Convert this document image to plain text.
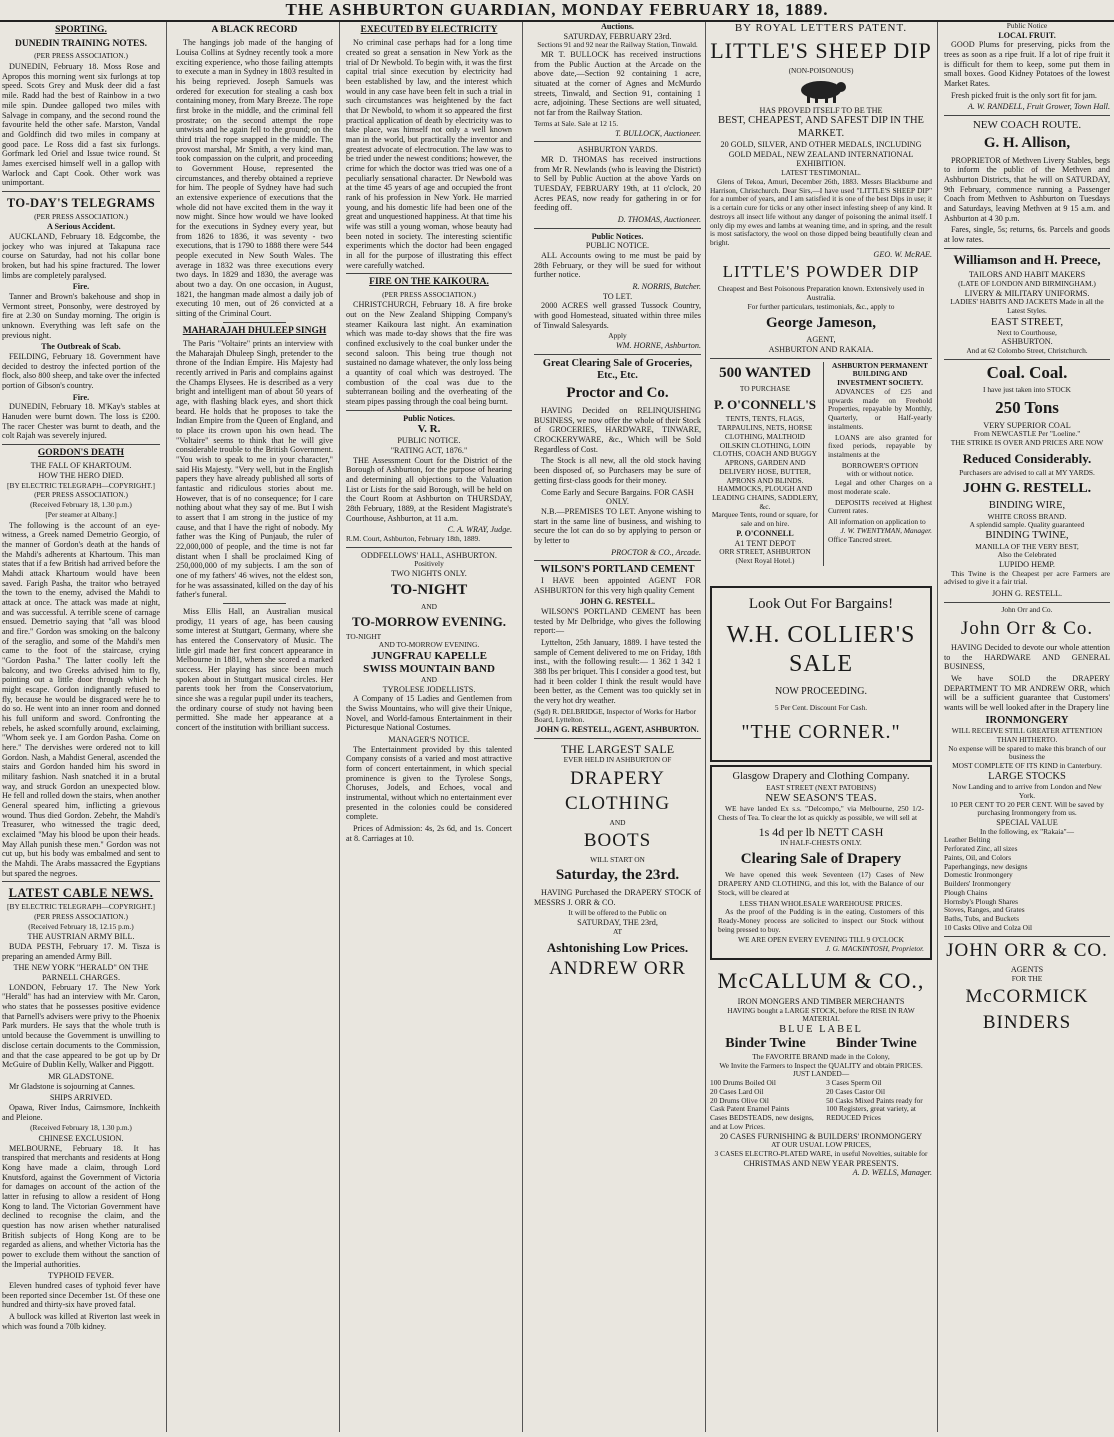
THE ASHBURTON GUARDIAN, MONDAY FEBRUARY 18, 1889.
SPORTING.
DUNEDIN TRAINING NOTES.
(PER PRESS ASSOCIATION.)

DUNEDIN, February 18. Moss Rose and Apropos this morning went six furlongs at top speed. Scots Grey and Musk deer did a fast mile. Radd had the best of Rainbow in a two mile spin. Dundee galloped two miles with Salvage in company, and the second round the favourite held the other safe. Marston, Vandal and Goldfinch did two miles in company at good pace. Le Ross did a fast six furlongs. Gorfmark led Oriel and Issue twice round. St James exercised himself well in a gallop with Warlock and Capt Cook. Other work was unimportant.

TO-DAY'S TELEGRAMS
(PER PRESS ASSOCIATION.)
A Serious Accident.

AUCKLAND, February 18. Edgcombe, the jockey who was injured at Takapuna race course on Saturday, had not his collar bone broken, but had his spine fractured. The lower limbs are completely paralysed.

Fire.

Tanner and Brown's bakehouse and shop in Vermont street, Ponsonby, were destroyed by fire at 2.30 on Sunday morning. The origin is unknown. Everything was left safe on the previous night.

The Outbreak of Scab.

FEILDING, February 18. Government have decided to destroy the infected portion of the flock, also 800 sheep, and take over the infected portion of Gibson's country.

Fire.

DUNEDIN, February 18. M'Kay's stables at Hanuden were burnt down. The loss is £200. The racer Chester was burnt to death, and the colt Rajah was severely injured.

GORDON'S DEATH
THE FALL OF KHARTOUM.
HOW THE HERO DIED.
[BY ELECTRIC TELEGRAPH—COPYRIGHT.]
(PER PRESS ASSOCIATION.)
(Received February 18, 1.30 p.m.)
[Per steamer at Albany.]

The following is the account of an eye-witness, a Greek named Demetrio Georgio, of the manner of Gordon's death at the hands of the Mahdi's adherents at Khartoum. This man states that if a few British had arrived before the Mahdi attack Khartoum would have been saved. Farigh Pasha, the traitor who betrayed the town to the enemy, advised the Mahdi to attack at once. The attack was made at night, and was successful. A terrible scene of carnage ensued. Demetrio saying that "all was blood and fire." Gordon was smoking on the balcony of the seraglio, and some of the Mahdi's men came to the foot of the staircase, crying "Gordon Pasha." The latter coolly left the balcony, and two Greeks advised him to fly, pointing out a little door through which he might escape. Gordon indignantly refused to fly, because he would be disgraced were he to do so. He went into an inner room and donned his full uniform and sword. Confronting the rebels, he asked scornfully around, exclaiming, "Whom seek ye. I am Gordon Pasha. Come on here." The dervishes were ordered not to kill Gordon. Nash, a Mahdist General, ascended the stairs and Gordon handed him his sword in military fashion. Nash snatched it in a brutal way, and struck Gordon an unexpected blow. He fell and rolled down the stairs, when another General speared him, inflicting a grievous wound. Thus died Gordon. Zebehr, the Mahdi's Treasurer, who witnessed the tragic deed, exclaimed "May his blood be upon their heads. May Allah punish these men." Gordon was not cut up, but his body was embalmed and sent to the Mahdi. The Arabs massacred the Egyptians but spared the negroes.

LATEST CABLE NEWS.
[BY ELECTRIC TELEGRAPH—COPYRIGHT.]
(PER PRESS ASSOCIATION.)
(Received February 18, 12.15 p.m.)
THE AUSTRIAN ARMY BILL.

BUDA PESTH, February 17. M. Tisza is preparing an amended Army Bill.

THE NEW YORK "HERALD" ON THE PARNELL CHARGES.

LONDON, February 17. The New York "Herald" has had an interview with Mr. Caron, who states that he possesses positive evidence that Parnell's advisers were privy to the Phoenix Park murders. He says that the whole truth is untold because the Government is unwilling to disclose certain documents to the Commission, and that the case appeared to be got up by Dr McGuire of Dublin Kelly, Walker and Piggott.

MR GLADSTONE.

Mr Gladstone is sojourning at Cannes.

SHIPS ARRIVED.

Opawa, River Indus, Cairnsmore, Inchkeith and Pleione.

(Received February 18, 1.30 p.m.)
CHINESE EXCLUSION.

MELBOURNE, February 18. It has transpired that merchants and residents at Hong Kong have made a claim, through Lord Knutsford, against the Government of Victoria for damages on account of the action of the latter in refusing to allow a resident of Hong Kong to land. The Victorian Government have declined to recognise the claim, and the question has now arisen whether naturalised British subjects of Hong Kong are to be regarded as aliens, and whether Victoria has the power to exclude them without the sanction of the Imperial authorities.

TYPHOID FEVER.

Eleven hundred cases of typhoid fever have been reported since December 1st. Of these one hundred and thirty-six have proved fatal.

A bullock was killed at Riverton last week in which was found a 70lb kidney.

A BLACK RECORD

The hangings job made of the hanging of Louisa Collins at Sydney recently took a more exciting experience, who those failing attempts to execute a man in Sydney in 1803 resulted in his being reprieved. Joseph Samuels was ordered for execution for stealing a cash box containing money, from Mary Breeze. The rope first broke in the middle, and the criminal fell prostrate; on the second attempt the rope untwists and he again fell to the ground; on the third trial the rope snapped in the middle. The provost marshal, Mr Smith, a very kind man, took compassion on the culprit, and proceeding to Government House, represented the circumstances, and thereby obtained a reprieve for him. The people of Sydney have had such an extensive experience of executions that the whole did not have excited them in the way it now might. Since how would we have looked for the executions in Sydney every year, but from 1826 to 1836, it was seventy - two executions, that is 1790 to 1888 there were 544 people executed in New South Wales. The average in 1832 was three executions every two days. In 1829 and 1830, the average was about two a day. On one occasion, in August, 1821, the hangman made almost a daily job of executing 10 men, out of 26 convicted at a sitting of the Criminal Court.

MAHARAJAH DHULEEP SINGH

The Paris "Voltaire" prints an interview with the Maharajah Dhuleep Singh, pretender to the throne of the Indian Empire. His Majesty had recently arrived in Paris and complains against the Champs Elysees. He is described as a very bright and intelligent man of about 50 years of age, with flashing black eyes, and short thick beard. He holds that he proposes to take the Indian Empire from the Queen of England, and to place its crown upon his own head. The "Voltaire" seems to think that he will give considerable trouble to the British Government. "You wish to speak to me in your character," said His Majesty. "Very well, but in the English papers they have already published all sorts of fantastic and ridiculous stories about me. However, that is of no consequence; for I care nothing about what they say of me. But I wish to assert that I am strong in the justice of my cause, and that I have the right of nobody. My father was the King of Punjaub, the ruler of 22,000,000 of people, and the time is not far distant when I shall be proclaimed King of 250,000,000 of my subjects. I am the son of one of my fathers' 46 wives, not the eldest son, for he was assassinated, killed on the day of his father's funeral.

Miss Ellis Hall, an Australian musical prodigy, 11 years of age, has been causing some interest at Stuttgart, Germany, where she has entered the Conservatory of Music. The little girl made her first concert appearance in Melbourne in 1881, when she scored a marked success. Her playing has since been much spoken about in Stuttgart musical circles. Her parents took her from the Conservatorium, since she was a regular pupil under its teachers, the ordinary course of study not having been permitted. She made her appearance at a concert of the institution with brilliant success.

EXECUTED BY ELECTRICITY

No criminal case perhaps had for a long time created so great a sensation in New York as the trial of Dr Newbold. To begin with, it was the first capital trial since execution by electricity had been established by law, and the interest which would in any case have been felt in such a trial in such circumstances was heightened by the fact that Dr Newbold, to whom it so appeared the first practical application of death by electricity was to take place, was himself not only a well known man in the world, but practically the inventor and greatest advocate of electrocution. The law was to be tried under the newest conditions; however, the crime for which the doctor was tried was one of a peculiarly sensational character. Dr Newbold was at the time 45 years of age and occupied the front rank of his profession in New York. He married young, and his domestic life had been one of the great and unquestioned happiness. At that time his wife was still a young woman, whose beauty had been noted in society. The interesting scientific experiments which the doctor had been engaged in all for the purpose of illustrating this effect were carefully watched.

FIRE ON THE KAIKOURA.
(PER PRESS ASSOCIATION.)

CHRISTCHURCH, February 18. A fire broke out on the New Zealand Shipping Company's steamer Kaikoura last night. An examination which was made to-day shows that the fire was confined exclusively to the coal bunker under the second saloon. This being true though not sustained no damage whatever, the only loss being a quantity of coal which was destroyed. The combustion of the coal was due to the subterranean boiling and the overheating of the steam pipes passing through the coal being burnt.

Public Notices.
V. R.
PUBLIC NOTICE.
"RATING ACT, 1876."

THE Assessment Court for the District of the Borough of Ashburton, for the purpose of hearing and determining all objections to the Valuation List or Lists for the said Borough, will be held on the Court Room at Ashburton on THURSDAY, 28th February, 1889, at the Resident Magistrate's Courthouse, Ashburton, at 11 a.m.

C. A. WRAY, Judge.
R.M. Court, Ashburton, February 18th, 1889.
ODDFELLOWS' HALL, ASHBURTON.
Positively
TWO NIGHTS ONLY.
TO-NIGHT
AND
TO-MORROW EVENING.
TO-NIGHT
AND TO-MORROW EVENING.
JUNGFRAU KAPELLE
SWISS MOUNTAIN BAND
AND
TYROLESE JODELLISTS.

A Company of 15 Ladies and Gentlemen from the Swiss Mountains, who will give their Unique, Novel, and World-famous Entertainment in their Picturesque National Costumes.

MANAGER'S NOTICE.

The Entertainment provided by this talented Company consists of a varied and most attractive form of concert entertainment, in which special prominence is given to the Tyrolese Songs, Choruses, Jodels, and Echoes, vocal and instrumental, without which no entertainment ever presented in the colonies could be considered complete.

Prices of Admission: 4s, 2s 6d, and 1s. Concert at 8. Carriages at 10.

Auctions.
SATURDAY, FEBRUARY 23rd.
Sections 91 and 92 near the Railway Station, Tinwald.

MR T. BULLOCK has received instructions from the Public Auction at the Arcade on the above date,—Section 92 containing 1 acre, situated at the corner of Agnes and McMurdo streets, Tinwald, and Section 91, containing 1 acre, adjoining. These Sections are well situated, not far from the Railway Station.

Terms at Sale. Sale at 12 15.
T. BULLOCK, Auctioneer.
ASHBURTON YARDS.

MR D. THOMAS has received instructions from Mr R. Newlands (who is leaving the District) to Sell by Public Auction at the above Yards on TUESDAY, FEBRUARY 19th, at 11 o'clock, 20 Acres PEAS, now ready for gathering in or for feeding off.

D. THOMAS, Auctioneer.
Public Notices.
PUBLIC NOTICE.

ALL Accounts owing to me must be paid by 28th February, or they will be sued for without further notice.

R. NORRIS, Butcher.
TO LET.

2000 ACRES well grassed Tussock Country, with good Homestead, situated within three miles of Tinwald Salesyards.

Apply
WM. HORNE, Ashburton.
Great Clearing Sale of Groceries, Etc., Etc.
Proctor and Co.

HAVING Decided on RELINQUISHING BUSINESS, we now offer the whole of their Stock of GROCERIES, HARDWARE, TINWARE, CROCKERYWARE, &c., Which will be Sold Regardless of Cost.

The Stock is all new, all the old stock having been disposed of, so Purchasers may be sure of getting first-class goods for their money.

Come Early and Secure Bargains. FOR CASH ONLY.

N.B.—PREMISES TO LET. Anyone wishing to start in the same line of business, and wishing to secure the lot can do so by applying to person or by letter to

PROCTOR & CO., Arcade.
WILSON'S PORTLAND CEMENT

I HAVE been appointed AGENT FOR ASHBURTON for this very high quality Cement

JOHN G. RESTELL.

WILSON'S PORTLAND CEMENT has been tested by Mr Delbridge, who gives the following report:—

Lyttelton, 25th January, 1889. I have tested the sample of Cement delivered to me on Friday, 18th inst., with the following result:— 1 362 1 342 1 388 lbs per briquet. This I consider a good test, but had it been colder I think the result would have been better, as the Cement was too quickly set in the very hot dry weather.

(Sgd) R. DELBRIDGE, Inspector of Works for Harbor Board, Lyttelton.
JOHN G. RESTELL, AGENT, ASHBURTON.
THE LARGEST SALE
EVER HELD IN ASHBURTON OF
DRAPERY
CLOTHING
AND
BOOTS
WILL START ON
Saturday, the 23rd.

HAVING Purchased the DRAPERY STOCK of MESSRS J. ORR & CO.

It will be offered to the Public on
SATURDAY, THE 23rd,
AT
Ashtonishing Low Prices.
ANDREW ORR
BY ROYAL LETTERS PATENT.
LITTLE'S SHEEP DIP
(NON-POISONOUS)
HAS PROVED ITSELF TO BE THE
BEST, CHEAPEST, AND SAFEST DIP IN THE MARKET.
20 GOLD, SILVER, AND OTHER MEDALS, INCLUDING GOLD MEDAL, NEW ZEALAND INTERNATIONAL EXHIBITION.
LATEST TESTIMONIAL.

Glens of Tekoa, Amuri, December 26th, 1883. Messrs Blackburne and Harrison, Christchurch. Dear Sirs,—I have used "LITTLE'S SHEEP DIP" for a number of years, and I am satisfied it is one of the best Dips in use; it is a certain cure for ticks or any other insect infesting sheep of any kind. It destroys all insect life without any danger of poisoning the animal itself. I only dip my ewes and lambs at weaning time, and in spring, and the result is most satisfactory, the wool on those dipped being beautifully clean and bright.

GEO. W. McRAE.
LITTLE'S POWDER DIP
Cheapest and Best Poisonous Preparation known. Extensively used in Australia.
For further particulars, testimonials, &c., apply to
George Jameson,
AGENT,
ASHBURTON AND RAKAIA.
500 WANTED
TO PURCHASE
P. O'CONNELL'S
TENTS, TENTS, FLAGS, TARPAULINS, NETS, HORSE CLOTHING, MALTHOID OILSKIN CLOTHING, LOIN CLOTHS, COACH AND BUGGY APRONS, GARDEN AND DELIVERY HOSE, BUTTER, APRONS AND BLINDS.
HAMMOCKS, PLOUGH AND LEADING CHAINS, SADDLERY, &c.
Marquee Tents, round or square, for sale and on hire.
P. O'CONNELL
A1 TENT DEPOT
ORR STREET, ASHBURTON (Next Royal Hotel.)
ASHBURTON PERMANENT BUILDING AND INVESTMENT SOCIETY.

ADVANCES of £25 and upwards made on Freehold Properties, repayable by Monthly, Quarterly, or Half-yearly instalments.

LOANS are also granted for fixed periods, repayable by instalments at the

BORROWER'S OPTION
with or without notice.

Legal and other Charges on a most moderate scale.

DEPOSITS received at Highest Current rates.

All information on application to
J. W. TWENTYMAN, Manager.
Office Tancred street.
Look Out For Bargains!
W.H. COLLIER'S SALE
NOW PROCEEDING.
5 Per Cent. Discount For Cash.
"THE CORNER."
Glasgow Drapery and Clothing Company.
EAST STREET (NEXT PATOBINS)
NEW SEASON'S TEAS.

WE have landed Ex s.s. "Delcompo," via Melbourne, 250 1/2-Chests of Tea. To clear the lot as quickly as possible, we will sell at

1s 4d per lb NETT CASH
IN HALF-CHESTS ONLY.
Clearing Sale of Drapery

We have opened this week Seventeen (17) Cases of New DRAPERY AND CLOTHING, and this lot, with the Balance of our Stock, will be cleared at

LESS THAN WHOLESALE WAREHOUSE PRICES.

As the proof of the Pudding is in the eating, Customers of this Ready-Money process are solicited to inspect our Stock without being pressed to buy.

WE ARE OPEN EVERY EVENING TILL 9 O'CLOCK
J. G. MACKINTOSH, Proprietor.
McCALLUM & CO.,
IRON MONGERS AND TIMBER MERCHANTS
HAVING bought a LARGE STOCK, before the RISE IN RAW MATERIAL
BLUE LABEL
Binder Twine Binder Twine
The FAVORITE BRAND made in the Colony,
We Invite the Farmers to Inspect the QUALITY and obtain PRICES.
JUST LANDED—
100 Drums Boiled Oil
20 Cases Lard Oil
20 Drums Olive Oil
Cask Patent Enamel Paints
Cases BEDSTEADS, new designs, and at Low Prices.
3 Cases Sperm Oil
20 Cases Castor Oil
50 Casks Mixed Paints ready for
100 Registers, great variety, at REDUCED Prices
20 CASES FURNISHING & BUILDERS' IRONMONGERY
AT OUR USUAL LOW PRICES,
3 CASES ELECTRO-PLATED WARE, in useful Novelties, suitable for
CHRISTMAS AND NEW YEAR PRESENTS.
A. D. WELLS, Manager.
Public Notice
LOCAL FRUIT.

GOOD Plums for preserving, picks from the trees as soon as a ripe fruit. If a lot of ripe fruit it is difficult for them to keep, some put them in small boxes. Good Kidney Potatoes of the lowest Market Rates.

Fresh picked fruit is the only sort fit for jam.

A. W. RANDELL, Fruit Grower, Town Hall.
NEW COACH ROUTE.
G. H. Allison,

PROPRIETOR of Methven Livery Stables, begs to inform the public of the Methven and Ashburton Districts, that he will on SATURDAY, 9th February, commence running a Passenger Coach from Methven to Ashburton on Tuesdays and Saturdays, leaving Methven at 9 15 a.m. and Ashburton at 4 30 p.m.

Fares, single, 5s; returns, 6s. Parcels and goods at low rates.

Williamson and H. Preece,
TAILORS AND HABIT MAKERS
(LATE OF LONDON AND BIRMINGHAM.)
LIVERY & MILITARY UNIFORMS.
LADIES' HABITS AND JACKETS Made in all the Latest Styles.
EAST STREET,
Next to Courthouse,
ASHBURTON.
And at 62 Colombo Street, Christchurch.
Coal. Coal.
I have just taken into STOCK
250 Tons
VERY SUPERIOR COAL
From NEWCASTLE Per "Loeline."
THE STRIKE IS OVER AND PRICES ARE NOW
Reduced Considerably.
Purchasers are advised to call at MY YARDS.
JOHN G. RESTELL.
BINDING WIRE,
WHITE CROSS BRAND.
A splendid sample. Quality guaranteed
BINDING TWINE,
MANILLA OF THE VERY BEST,
Also the Celebrated
LUPIDO HEMP.

This Twine is the Cheapest per acre Farmers are advised to give it a fair trial.

JOHN G. RESTELL.
John Orr and Co.
John Orr & Co.

HAVING Decided to devote our whole attention to the HARDWARE AND GENERAL BUSINESS,

We have SOLD the DRAPERY DEPARTMENT TO MR ANDREW ORR, which will be a sufficient guarantee that Customers' wants will be well looked after in the Drapery line

IRONMONGERY
WILL RECEIVE STILL GREATER ATTENTION THAN HITHERTO.
No expense will be spared to make this branch of our business the
MOST COMPLETE OF ITS KIND in Canterbury.
LARGE STOCKS
Now Landing and to arrive from London and New York.
10 PER CENT TO 20 PER CENT. Will be saved by purchasing Ironmongery from us.
SPECIAL VALUE
In the following, ex "Rakaia"—
Leather Belting
Perforated Zinc, all sizes
Paints, Oil, and Colors
Paperhangings, new designs
Domestic Ironmongery
Builders' Ironmongery
Plough Chains
Hornsby's Plough Shares
Stoves, Ranges, and Grates
Baths, Tubs, and Buckets
10 Casks Olive and Colza Oil
JOHN ORR & CO.
AGENTS
FOR THE
McCORMICK
BINDERS
